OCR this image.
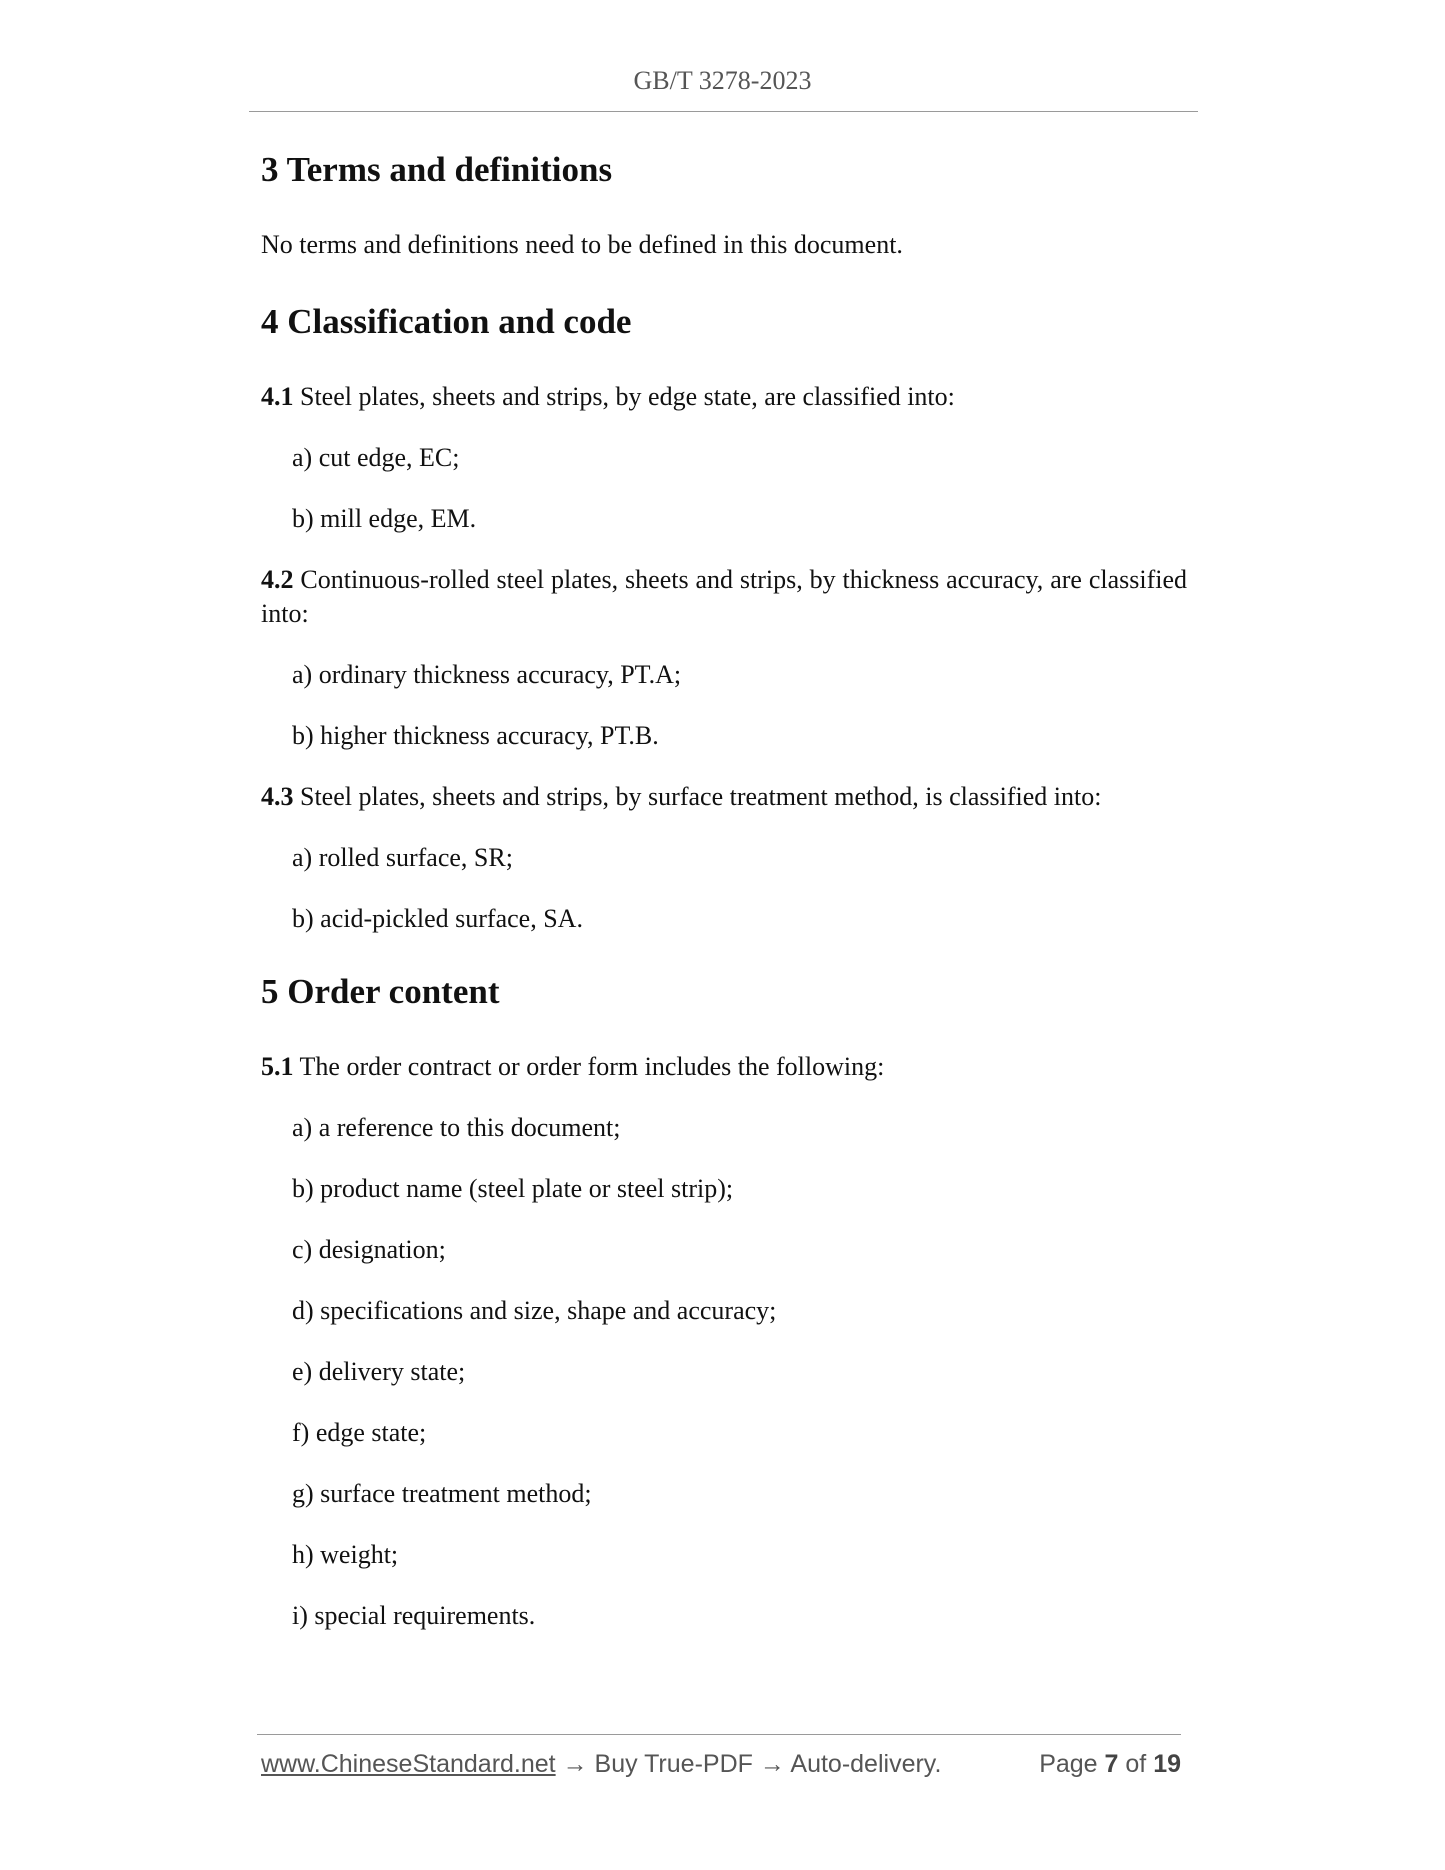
GB/T 3278-2023
3 Terms and definitions

No terms and definitions need to be defined in this document.

4 Classification and code

4.1 Steel plates, sheets and strips, by edge state, are classified into:

a) cut edge, EC;

b) mill edge, EM.

4.2 Continuous-rolled steel plates, sheets and strips, by thickness accuracy, are classified into:

a) ordinary thickness accuracy, PT.A;

b) higher thickness accuracy, PT.B.

4.3 Steel plates, sheets and strips, by surface treatment method, is classified into:

a) rolled surface, SR;

b) acid-pickled surface, SA.

5 Order content

5.1 The order contract or order form includes the following:

a) a reference to this document;

b) product name (steel plate or steel strip);

c) designation;

d) specifications and size, shape and accuracy;

e) delivery state;

f) edge state;

g) surface treatment method;

h) weight;

i) special requirements.

www.ChineseStandard.net → Buy True-PDF → Auto-delivery.	Page 7 of 19
